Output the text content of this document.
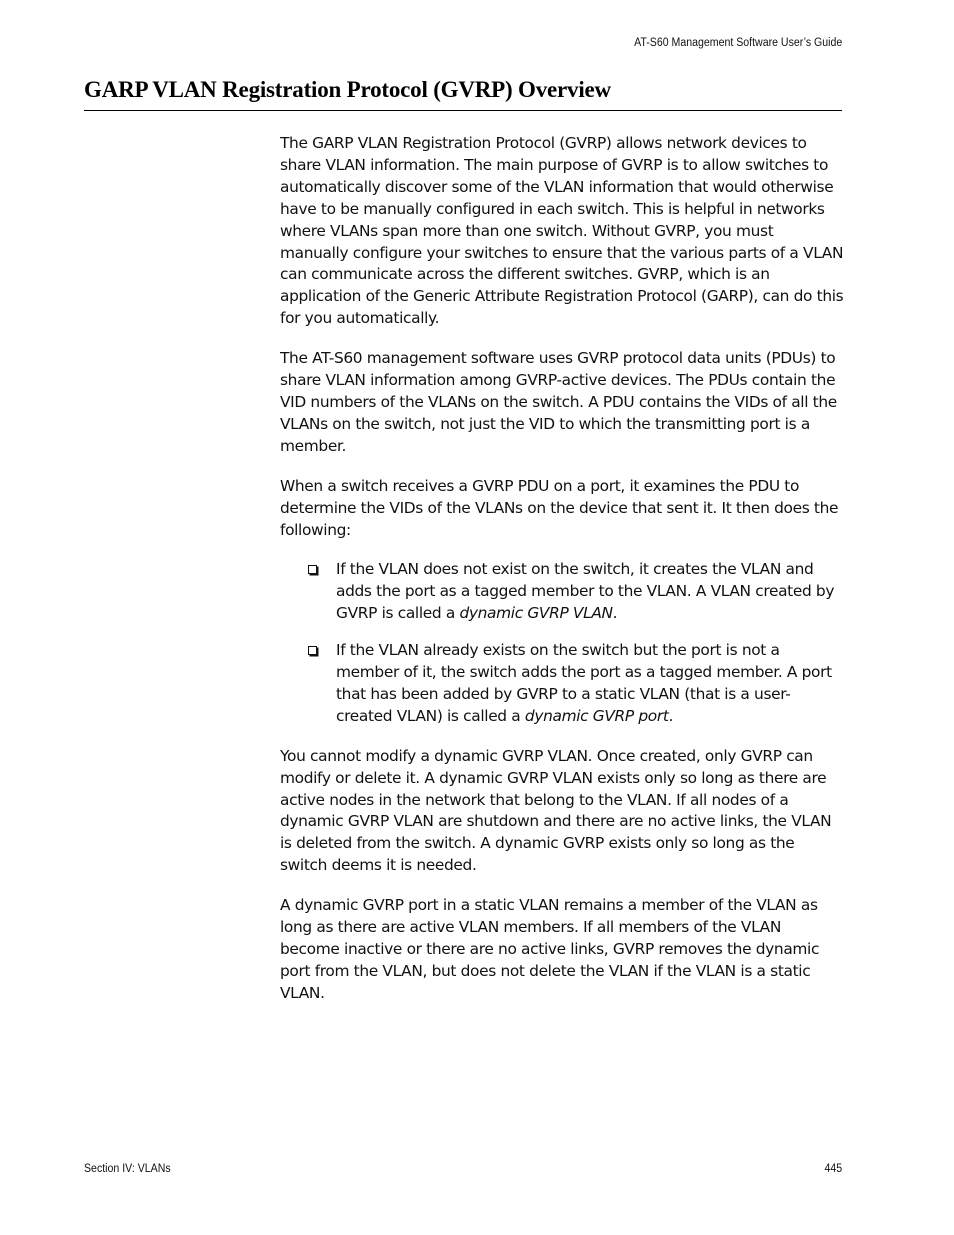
AT-S60 Management Software User’s Guide
GARP VLAN Registration Protocol (GVRP) Overview

The GARP VLAN Registration Protocol (GVRP) allows network devices to share VLAN information. The main purpose of GVRP is to allow switches to automatically discover some of the VLAN information that would otherwise have to be manually configured in each switch. This is helpful in networks where VLANs span more than one switch. Without GVRP, you must manually configure your switches to ensure that the various parts of a VLAN can communicate across the different switches. GVRP, which is an application of the Generic Attribute Registration Protocol (GARP), can do this for you automatically.

The AT-S60 management software uses GVRP protocol data units (PDUs) to share VLAN information among GVRP-active devices. The PDUs contain the VID numbers of the VLANs on the switch. A PDU contains the VIDs of all the VLANs on the switch, not just the VID to which the transmitting port is a member.

When a switch receives a GVRP PDU on a port, it examines the PDU to determine the VIDs of the VLANs on the device that sent it. It then does the following:

If the VLAN does not exist on the switch, it creates the VLAN and adds the port as a tagged member to the VLAN. A VLAN created by GVRP is called a dynamic GVRP VLAN.
If the VLAN already exists on the switch but the port is not a member of it, the switch adds the port as a tagged member. A port that has been added by GVRP to a static VLAN (that is a user-created VLAN) is called a dynamic GVRP port.

You cannot modify a dynamic GVRP VLAN. Once created, only GVRP can modify or delete it. A dynamic GVRP VLAN exists only so long as there are active nodes in the network that belong to the VLAN. If all nodes of a dynamic GVRP VLAN are shutdown and there are no active links, the VLAN is deleted from the switch. A dynamic GVRP exists only so long as the switch deems it is needed.

A dynamic GVRP port in a static VLAN remains a member of the VLAN as long as there are active VLAN members. If all members of the VLAN become inactive or there are no active links, GVRP removes the dynamic port from the VLAN, but does not delete the VLAN if the VLAN is a static VLAN.

Section IV: VLANs	445
